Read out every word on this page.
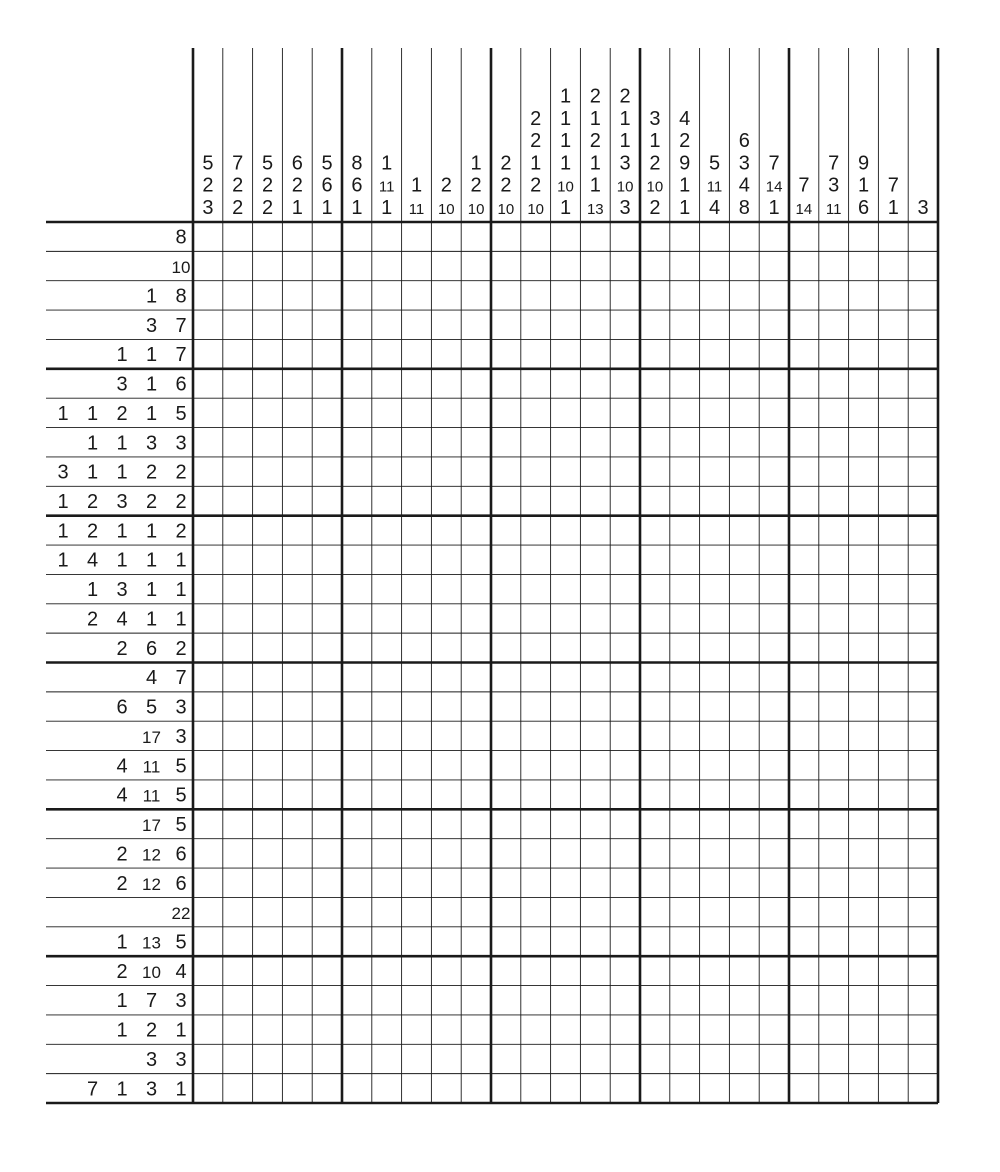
5
2
3
7
2
2
5
2
2
6
2
1
5
6
1
8
6
1
1
11
1
1
11
2
10
1
2
10
2
2
10
2
2
1
2
10
1
1
1
1
10
1
2
1
2
1
1
13
2
1
1
3
10
3
3
1
2
10
2
4
2
9
1
1
5
11
4
6
3
4
8
7
14
1
7
14
7
3
11
9
1
6
7
1 3
8
10
1 8
3 7
1 1 7
3 1 6
1 1 2 1 5
1 1 3 3
3 1 1 2 2
1 2 3 2 2
1 2 1 1 2
1 4 1 1 1
1 3 1 1
2 4 1 1
2 6 2
4 7
6 5 3
17 3
4 11 5
4 11 5
17 5
2 12 6
2 12 6
22
1 13 5
2 10 4
1 7 3
1 2 1
3 3
7 1 3 1
